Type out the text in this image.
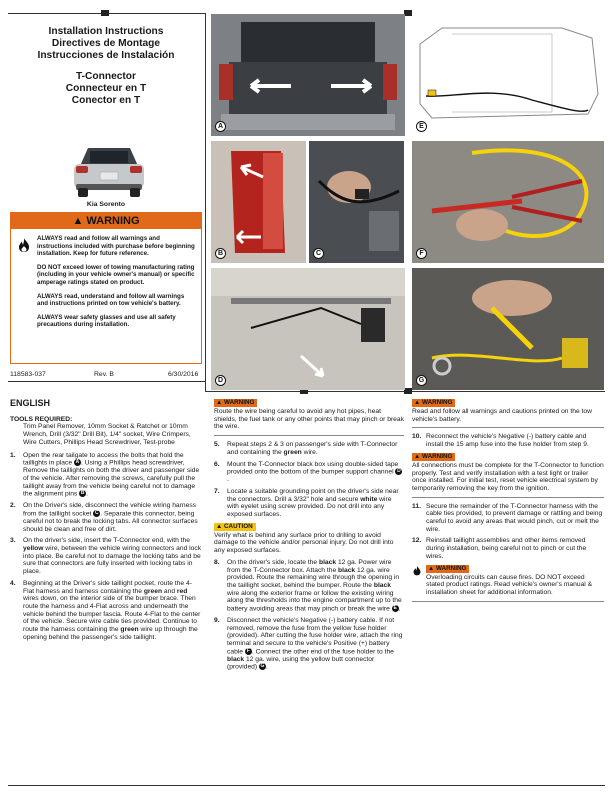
Installation Instructions
Directives de Montage
Instrucciones de Instalación
T-Connector
Connecteur en T
Conector en T
Kia Sorento
▲ WARNING

ALWAYS read and follow all warnings and instructions included with purchase before beginning installation. Keep for future reference.

DO NOT exceed lower of towing manufacturing rating (including in your vehicle owner's manual) or specific amperage ratings stated on product.

ALWAYS read, understand and follow all warnings and instructions printed on tow vehicle's battery.

ALWAYS wear safety glasses and use all safety precautions during installation.

118583-037	Rev. B	6/30/2016
A	E
B	C	F
D	G
ENGLISH
TOOLS REQUIRED:

Trim Panel Remover, 10mm Socket & Ratchet or 10mm Wrench, Drill (3/32" Drill Bit), 1/4" socket, Wire Crimpers, Wire Cutters, Phillips Head Screwdriver, Test-probe

1. Open the rear tailgate to access the bolts that hold the taillights in place A . Using a Phillips head screwdriver, Remove the taillights on both the driver and passenger side of the vehicle. After removing the screws, carefully pull the taillight away from the vehicle being careful not to damage the alignment pins B .
2. On the Driver's side, disconnect the vehicle wiring harness from the taillight socket C . Separate this connector, being careful not to break the locking tabs. All connector surfaces should be clean and free of dirt.
3. On the driver's side, insert the T-Connector end, with the yellow wire, between the vehicle wiring connectors and lock into place. Be careful not to damage the locking tabs and be sure that connectors are fully inserted with locking tabs in place.
4. Beginning at the Driver's side taillight pocket, route the 4-Flat harness and harness containing the green and red wires down, on the interior side of the bumper brace. Then route the harness and 4-Flat across and underneath the vehicle behind the bumper fascia. Route 4-Flat to the center of the vehicle. Secure wire cable ties provided. Continue to route the harness containing the green wire up through the opening behind the passenger's side taillight.
▲ WARNING

Route the wire being careful to avoid any hot pipes, heat shields, the fuel tank or any other points that may pinch or break the wire.

5. Repeat steps 2 & 3 on passenger's side with T-Connector and containing the green wire.
6. Mount the T-Connector black box using double-sided tape provided onto the bottom of the bumper support channel D.
7. Locate a suitable grounding point on the driver's side near the connectors. Drill a 3/32" hole and secure white wire with eyelet using screw provided. Do not drill into any exposed surfaces.
▲ CAUTION

Verify what is behind any surface prior to drilling to avoid damage to the vehicle and/or personal injury. Do not drill into any exposed surfaces.

8. On the driver's side, locate the black 12 ga. Power wire from the T-Connector box. Attach the black 12 ga. wire provided. Route the remaining wire through the opening in the taillight socket, behind the bumper. Route the black wire along the exterior frame or follow the existing wiring along the thresholds into the engine compartment up to the battery avoiding areas that may pinch or break the wire E .
9. Disconnect the vehicle's Negative (-) battery cable. If not removed, remove the fuse from the yellow fuse holder (provided). After cutting the fuse holder wire, attach the ring terminal and secure to the vehicle's Positive (+) battery cable F . Connect the other end of the fuse holder to the black 12 ga. wire, using the yellow butt connector (provided) G .
▲ WARNING

Read and follow all warnings and cautions printed on the tow vehicle's battery.

10. Reconnect the vehicle's Negative (-) battery cable and install the 15 amp fuse into the fuse holder from step 9.
▲ WARNING

All connections must be complete for the T-Connector to function properly. Test and verify installation with a test light or trailer once installed. For initial test, reset vehicle electrical system by temporarily removing the key from the ignition.

11. Secure the remainder of the T-Connector harness with the cable ties provided, to prevent damage or rattling and being careful to avoid any areas that would pinch, cut or melt the wire.
12. Reinstall taillight assemblies and other items removed during installation, being careful not to pinch or cut the wires.
▲ WARNING

Overloading circuits can cause fires. DO NOT exceed stated product ratings. Read vehicle's owner's manual & installation sheet for additional information.
